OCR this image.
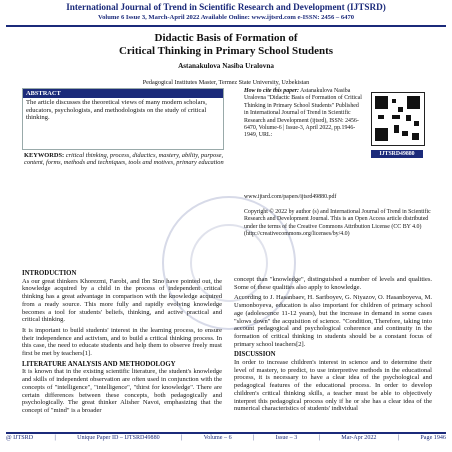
International Journal of Trend in Scientific Research and Development (IJTSRD)
Volume 6 Issue 3, March-April 2022 Available Online: www.ijtsrd.com e-ISSN: 2456 – 6470
Didactic Basis of Formation of
Critical Thinking in Primary School Students
Astanakulova Nasiba Uralovna
Pedagogical Institutes Master, Termez State University, Uzbekistan
ABSTRACT
The article discusses the theoretical views of many modern scholars, educators, psychologists, and methodologists on the study of critical thinking.
KEYWORDS: critical thinking, process, didactics, mastery, ability, purpose, content, forms, methods and techniques, tools and motives, primary education
How to cite this paper: Astanakulova Nasiba Uralovna "Didactic Basis of Formation of Critical Thinking in Primary School Students" Published in International Journal of Trend in Scientific Research and Development (ijtsrd), ISSN: 2456-6470, Volume-6 | Issue-3, April 2022, pp.1946-1949, URL:
IJTSRD49880
www.ijtsrd.com/papers/ijtsrd49880.pdf
Copyright © 2022 by author (s) and International Journal of Trend in Scientific Research and Development Journal. This is an Open Access article distributed under the terms of the Creative Commons Attribution License (CC BY 4.0) (http://creativecommons.org/licenses/by/4.0)
INTRODUCTION
As our great thinkers Khorezmi, Farobi, and Ibn Sino have pointed out, the knowledge acquired by a child in the process of independent critical thinking has a great advantage in comparison with the knowledge acquired from a ready source. This more fully and rapidly evolving knowledge becomes a tool for students' beliefs, thinking, and active practical and critical thinking.
It is important to build students' interest in the learning process, to ensure their independence and activism, and to build a critical thinking process. In this case, the need to educate students and help them to observe freely must first be met by teachers[1].
LITERATURE ANALYSIS AND METHODOLOGY
It is known that in the existing scientific literature, the student's knowledge and skills of independent observation are often used in conjunction with the concepts of "intelligence", "intelligence", "thirst for knowledge". There are certain differences between these concepts, both pedagogically and psychologically. The great thinker Alisher Navoi, emphasizing that the concept of "mind" is a broader
concept than "knowledge", distinguished a number of levels and qualities. Some of these qualities also apply to knowledge.
According to J. Hasanbaev, H. Sariboyev, G. Niyazov, O. Hasanboyeva, M. Usmonboyeva, education is also important for children of primary school age (adolescence 11-12 years), but the increase in demand in some cases "slows down" the acquisition of science. "Condition, Therefore, taking into account pedagogical and psychological coherence and continuity in the formation of critical thinking in students should be a constant focus of primary school teachers[2].
DISCUSSION
In order to increase children's interest in science and to determine their level of mastery, to predict, to use interpretive methods in the educational process, it is necessary to have a clear idea of the psychological and pedagogical features of the educational process. In order to develop children's critical thinking skills, a teacher must be able to objectively interpret this pedagogical process only if he or she has a clear idea of the numerical characteristics of students' individual
@ IJTSRD	|	Unique Paper ID – IJTSRD49880	|	Volume – 6	|	Issue – 3	|	Mar-Apr 2022	|	Page 1946
